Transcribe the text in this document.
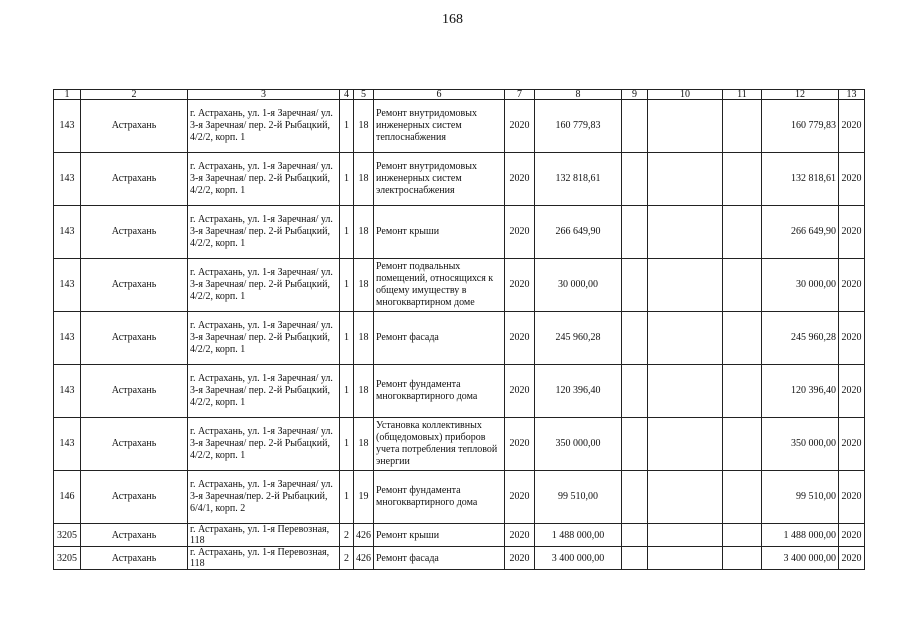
168
1	2	3	4	5	6	7	8	9	10	11	12	13
143	Астрахань	г. Астрахань, ул. 1-я Заречная/ ул. 3-я Заречная/ пер. 2-й Рыбацкий, 4/2/2, корп. 1	1	18	Ремонт внутридомовых инженерных систем теплоснабжения	2020	160 779,83				160 779,83	2020
143	Астрахань	г. Астрахань, ул. 1-я Заречная/ ул. 3-я Заречная/ пер. 2-й Рыбацкий, 4/2/2, корп. 1	1	18	Ремонт внутридомовых инженерных систем электроснабжения	2020	132 818,61				132 818,61	2020
143	Астрахань	г. Астрахань, ул. 1-я Заречная/ ул. 3-я Заречная/ пер. 2-й Рыбацкий, 4/2/2, корп. 1	1	18	Ремонт крыши	2020	266 649,90				266 649,90	2020
143	Астрахань	г. Астрахань, ул. 1-я Заречная/ ул. 3-я Заречная/ пер. 2-й Рыбацкий, 4/2/2, корп. 1	1	18	Ремонт подвальных помещений, относящихся к общему имуществу в многоквартирном доме	2020	30 000,00				30 000,00	2020
143	Астрахань	г. Астрахань, ул. 1-я Заречная/ ул. 3-я Заречная/ пер. 2-й Рыбацкий, 4/2/2, корп. 1	1	18	Ремонт фасада	2020	245 960,28				245 960,28	2020
143	Астрахань	г. Астрахань, ул. 1-я Заречная/ ул. 3-я Заречная/ пер. 2-й Рыбацкий, 4/2/2, корп. 1	1	18	Ремонт фундамента многоквартирного дома	2020	120 396,40				120 396,40	2020
143	Астрахань	г. Астрахань, ул. 1-я Заречная/ ул. 3-я Заречная/ пер. 2-й Рыбацкий, 4/2/2, корп. 1	1	18	Установка коллективных (общедомовых) приборов учета потребления тепловой энергии	2020	350 000,00				350 000,00	2020
146	Астрахань	г. Астрахань, ул. 1-я Заречная/ ул. 3-я Заречная/пер. 2-й Рыбацкий, 6/4/1, корп. 2	1	19	Ремонт фундамента многоквартирного дома	2020	99 510,00				99 510,00	2020
3205	Астрахань	г. Астрахань, ул. 1-я Перевозная, 118	2	426	Ремонт крыши	2020	1 488 000,00				1 488 000,00	2020
3205	Астрахань	г. Астрахань, ул. 1-я Перевозная, 118	2	426	Ремонт фасада	2020	3 400 000,00				3 400 000,00	2020
